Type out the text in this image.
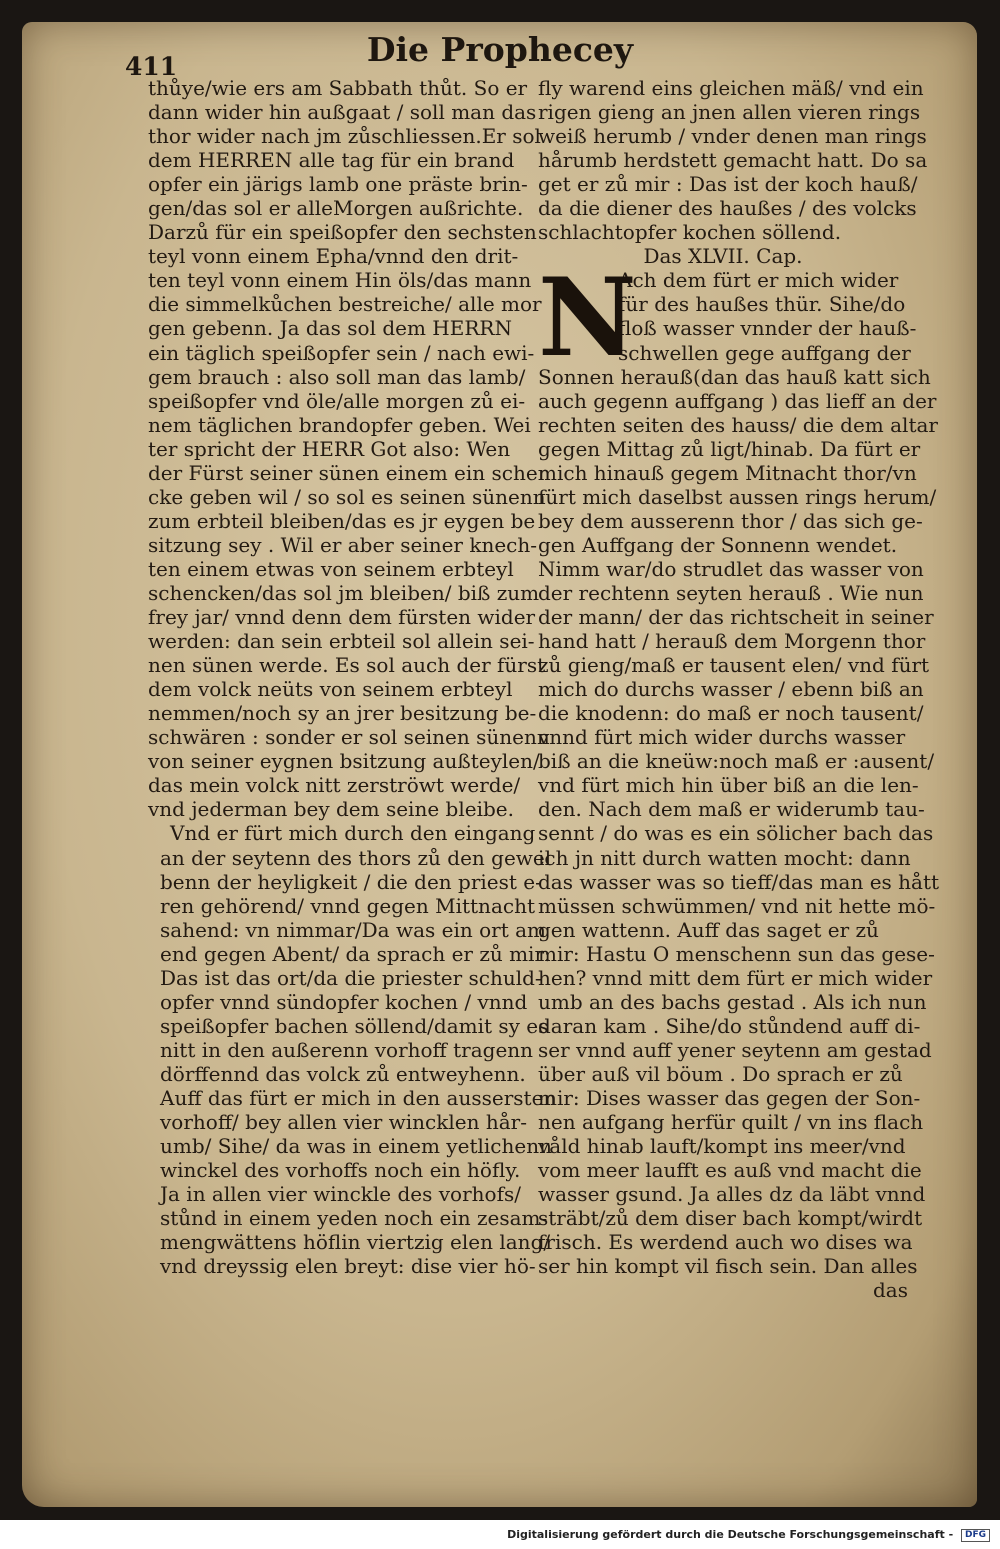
411	Die Prophecey
thůye/wie ers am Sabbath thůt. So er
dann wider hin außgaat / soll man das
thor wider nach jm zůschliessen.Er sol
dem HERREN alle tag für ein brand
opfer ein järigs lamb one präste brin-
gen/das sol er alleMorgen außrichte.
Darzů für ein speißopfer den sechsten
teyl vonn einem Epha/vnnd den drit-
ten teyl vonn einem Hin öls/das mann
die simmelkůchen bestreiche/ alle mor
gen gebenn. Ja das sol dem HERRN
ein täglich speißopfer sein / nach ewi-
gem brauch : also soll man das lamb/
speißopfer vnd öle/alle morgen zů ei-
nem täglichen brandopfer geben. Wei
ter spricht der HERR Got also: Wen
der Fürst seiner sünen einem ein schen
cke geben wil / so sol es seinen sünenn
zum erbteil bleiben/das es jr eygen be
sitzung sey . Wil er aber seiner knech-
ten einem etwas von seinem erbteyl
schencken/das sol jm bleiben/ biß zum
frey jar/ vnnd denn dem fürsten wider
werden: dan sein erbteil sol allein sei-
nen sünen werde. Es sol auch der fürst
dem volck neüts von seinem erbteyl
nemmen/noch sy an jrer besitzung be-
schwären : sonder er sol seinen sünenn
von seiner eygnen bsitzung außteylen/
das mein volck nitt zerströwt werde/
vnd jederman bey dem seine bleibe.
Vnd er fürt mich durch den eingang
an der seytenn des thors zů den gewel
benn der heyligkeit / die den priest e-
ren gehörend/ vnnd gegen Mittnacht
sahend: vn nimmar/Da was ein ort am
end gegen Abent/ da sprach er zů mir:
Das ist das ort/da die priester schuld-
opfer vnnd sündopfer kochen / vnnd
speißopfer bachen söllend/damit sy es
nitt in den außerenn vorhoff tragenn
dörffennd das volck zů entweyhenn.
Auff das fürt er mich in den aussersten
vorhoff/ bey allen vier wincklen hår-
umb/ Sihe/ da was in einem yetlichenn
winckel des vorhoffs noch ein höfly.
Ja in allen vier winckle des vorhofs/
stůnd in einem yeden noch ein zesam-
mengwättens höflin viertzig elen lang/
vnd dreyssig elen breyt: dise vier hö-
fly warend eins gleichen mäß/ vnd ein
rigen gieng an jnen allen vieren rings
weiß herumb / vnder denen man rings
hårumb herdstett gemacht hatt. Do sa
get er zů mir : Das ist der koch hauß/
da die diener des haußes / des volcks
schlachtopfer kochen söllend.
Das XLVII. Cap.
N
Ach dem fürt er mich wider
für des haußes thür. Sihe/do
floß wasser vnnder der hauß-
schwellen gege auffgang der
Sonnen herauß(dan das hauß katt sich
auch gegenn auffgang ) das lieff an der
rechten seiten des hauss/ die dem altar
gegen Mittag zů ligt/hinab. Da fürt er
mich hinauß gegem Mitnacht thor/vn
fürt mich daselbst aussen rings herum/
bey dem ausserenn thor / das sich ge-
gen Auffgang der Sonnenn wendet.
Nimm war/do strudlet das wasser von
der rechtenn seyten herauß . Wie nun
der mann/ der das richtscheit in seiner
hand hatt / herauß dem Morgenn thor
zů gieng/maß er tausent elen/ vnd fürt
mich do durchs wasser / ebenn biß an
die knodenn: do maß er noch tausent/
vnnd fürt mich wider durchs wasser
biß an die kneüw:noch maß er :ausent/
vnd fürt mich hin über biß an die len-
den. Nach dem maß er widerumb tau-
sennt / do was es ein sölicher bach das
ich jn nitt durch watten mocht: dann
das wasser was so tieff/das man es hått
müssen schwümmen/ vnd nit hette mö-
gen wattenn. Auff das saget er zů
mir: Hastu O menschenn sun das gese-
hen? vnnd mitt dem fürt er mich wider
umb an des bachs gestad . Als ich nun
daran kam . Sihe/do stůndend auff di-
ser vnnd auff yener seytenn am gestad
über auß vil böum . Do sprach er zů
mir: Dises wasser das gegen der Son-
nen aufgang herfür quilt / vn ins flach
våld hinab lauft/kompt ins meer/vnd
vom meer laufft es auß vnd macht die
wasser gsund. Ja alles dz da läbt vnnd
sträbt/zů dem diser bach kompt/wirdt
frisch. Es werdend auch wo dises wa
ser hin kompt vil fisch sein. Dan alles
das
Digitalisierung gefördert durch die Deutsche Forschungsgemeinschaft - DFG
